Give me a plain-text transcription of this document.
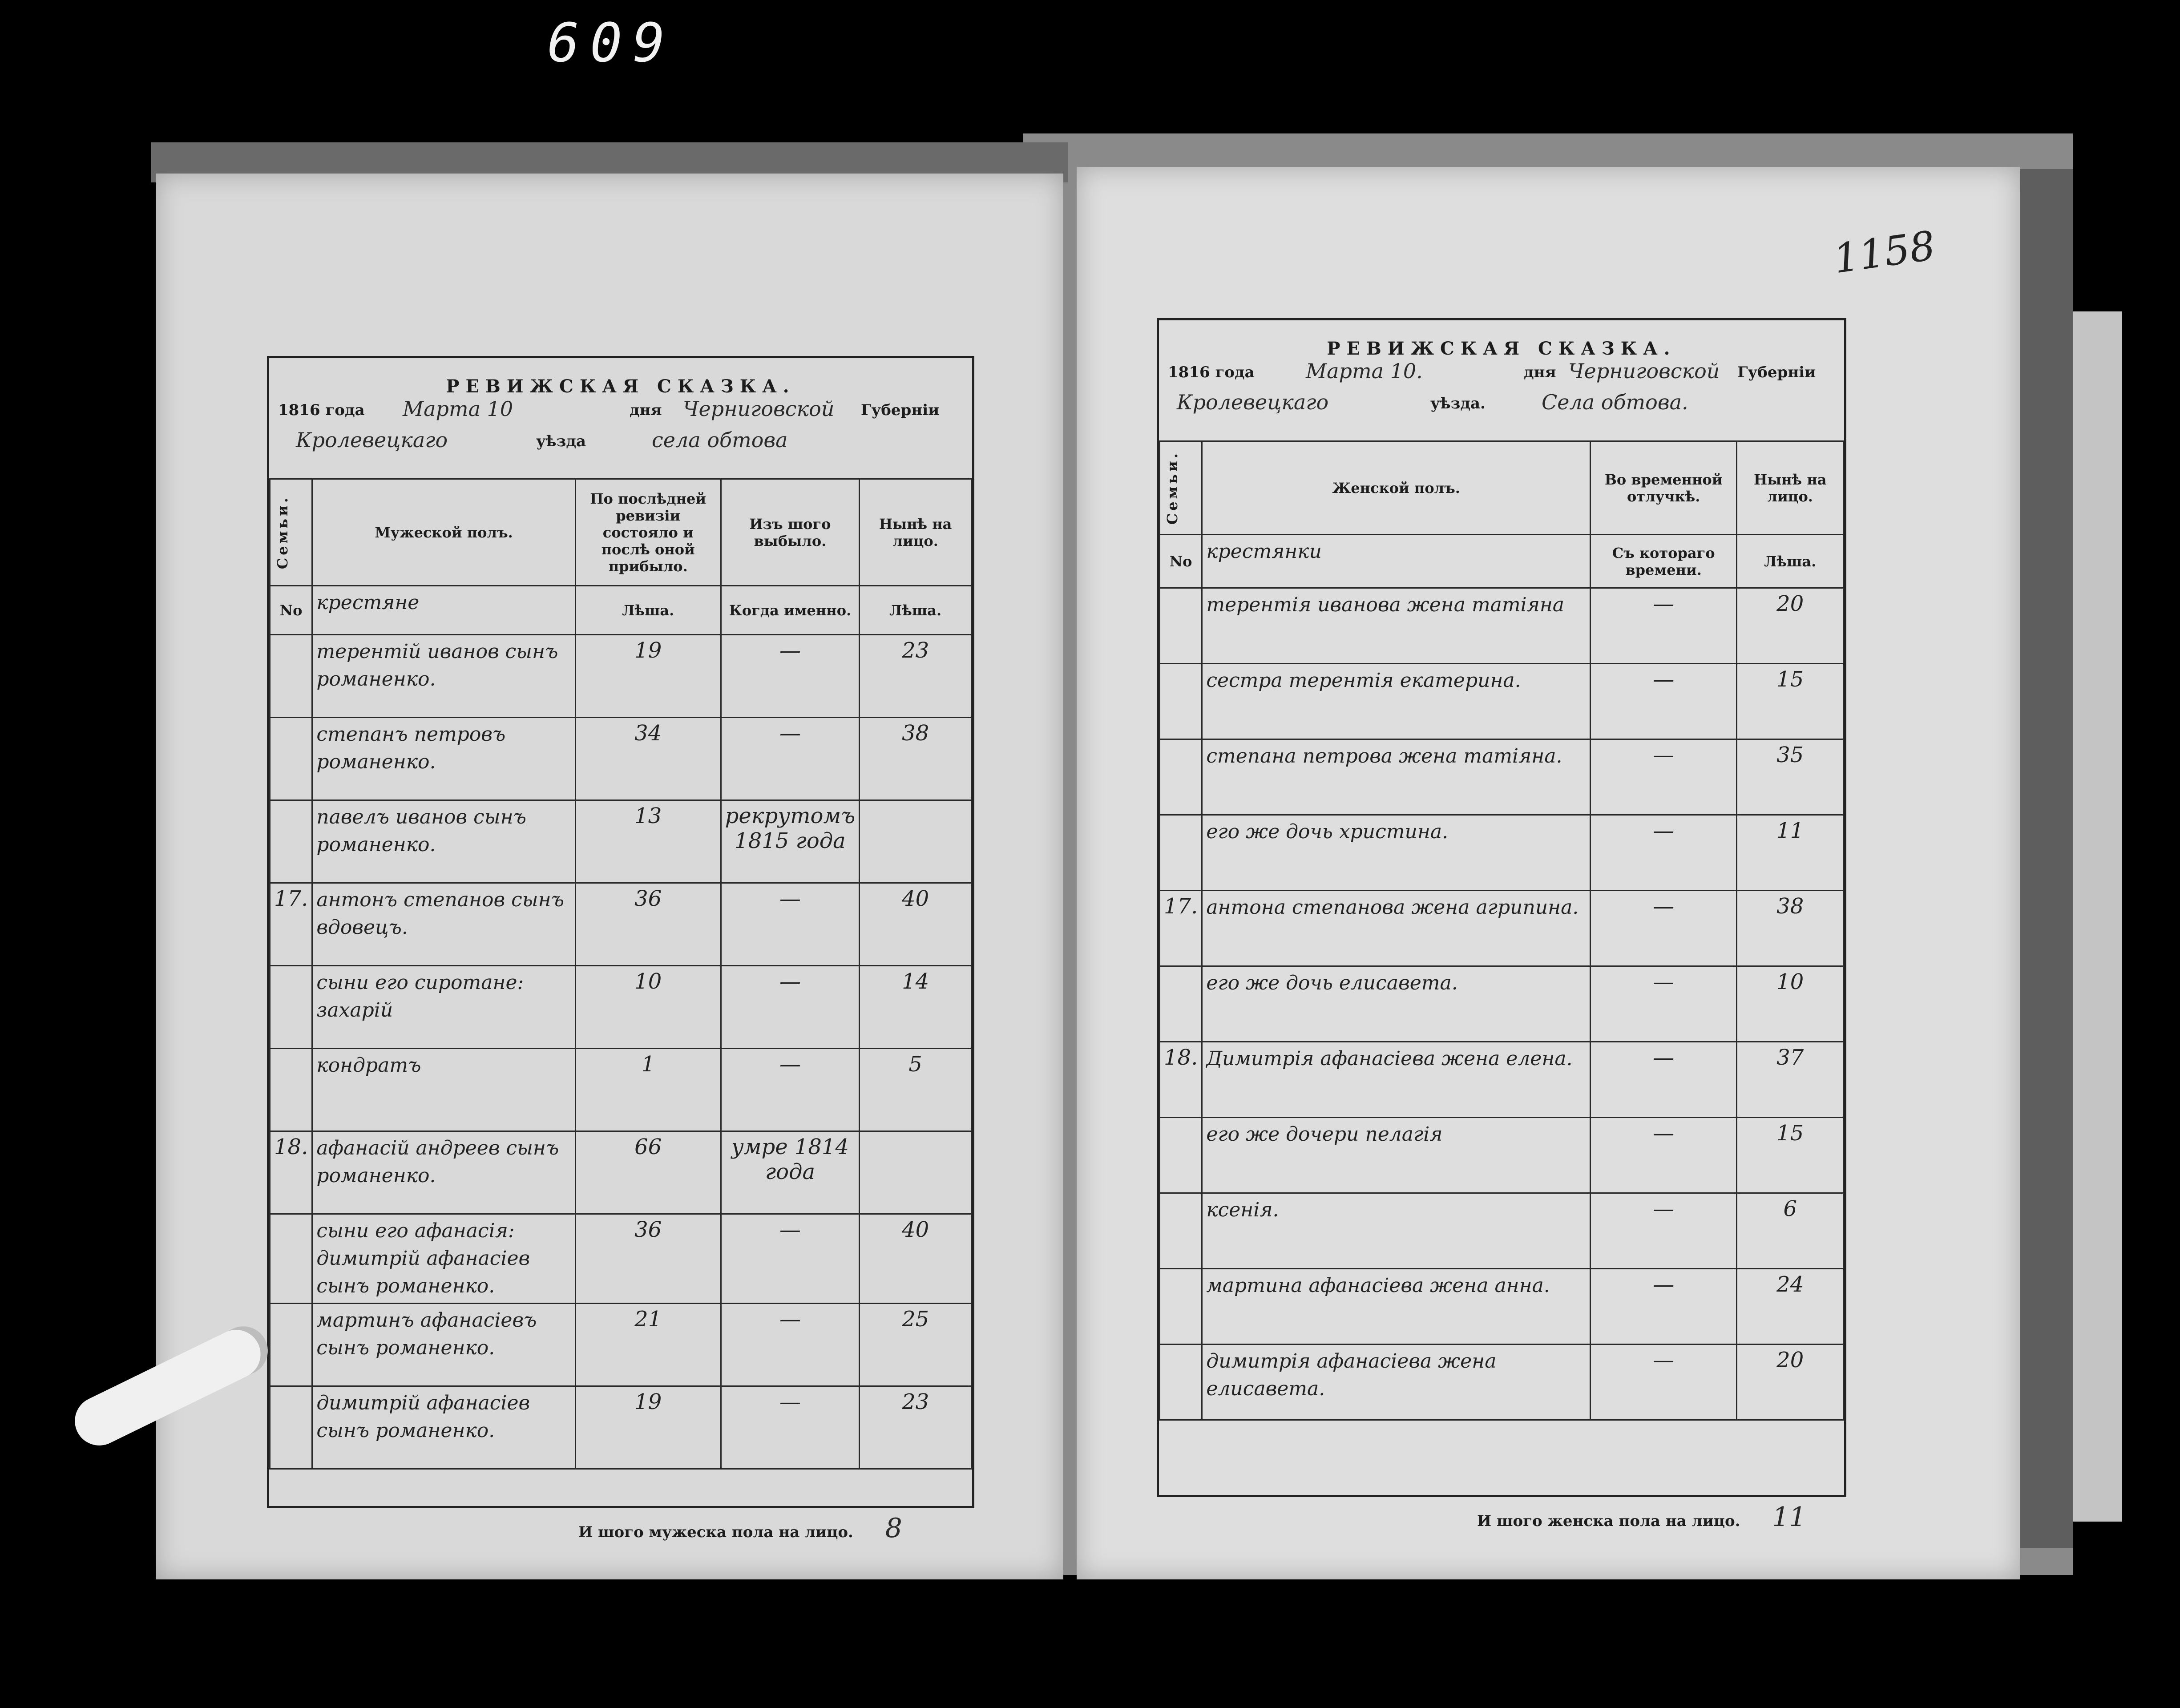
609
РЕВИЖСКАЯ СКАЗКА.
1816 года Марта 10	дня Черниговской Губерніи
Кролевецкаго	уѣзда	села обтова
Семьи.	Мужеской полъ.	По послѣдней ревизіи состояло и послѣ оной прибыло.	Изъ шого выбыло.	Нынѣ на лицо.
No	крестяне	Лѣша.	Когда именно.	Лѣша.
	терентій иванов сынъ романенко.	19	—	23
	степанъ петровъ романенко.	34	—	38
	павелъ иванов сынъ романенко.	13	рекрутомъ 1815 года	
17.	антонъ степанов сынъ вдовецъ.	36	—	40
	сыни его сиротане: захарій	10	—	14
	кондратъ	1	—	5
18.	афанасій андреев сынъ романенко.	66	умре 1814 года	
	сыни его афанасія: димитрій афанасіев сынъ романенко.	36	—	40
	мартинъ афанасіевъ сынъ романенко.	21	—	25
	димитрій афанасіев сынъ романенко.	19	—	23
И шого мужеска пола на лицо. 8
1158
РЕВИЖСКАЯ СКАЗКА.
1816 года	Марта 10.	дня Черниговской Губерніи
Кролевецкаго	уѣзда.	Села обтова.
Семьи.	Женской полъ.	Во временной отлучкѣ.	Нынѣ на лицо.
No	крестянки	Съ котораго времени.	Лѣша.
	терентія иванова жена татіяна	—	20
	сестра терентія екатерина.	—	15
	степана петрова жена татіяна.	—	35
	его же дочь христина.	—	11
17.	антона степанова жена агрипина.	—	38
	его же дочь елисавета.	—	10
18.	Димитрія афанасіева жена елена.	—	37
	его же дочери пелагія	—	15
	ксенія.	—	6
	мартина афанасіева жена анна.	—	24
	димитрія афанасіева жена елисавета.	—	20
И шого женска пола на лицо. 11
